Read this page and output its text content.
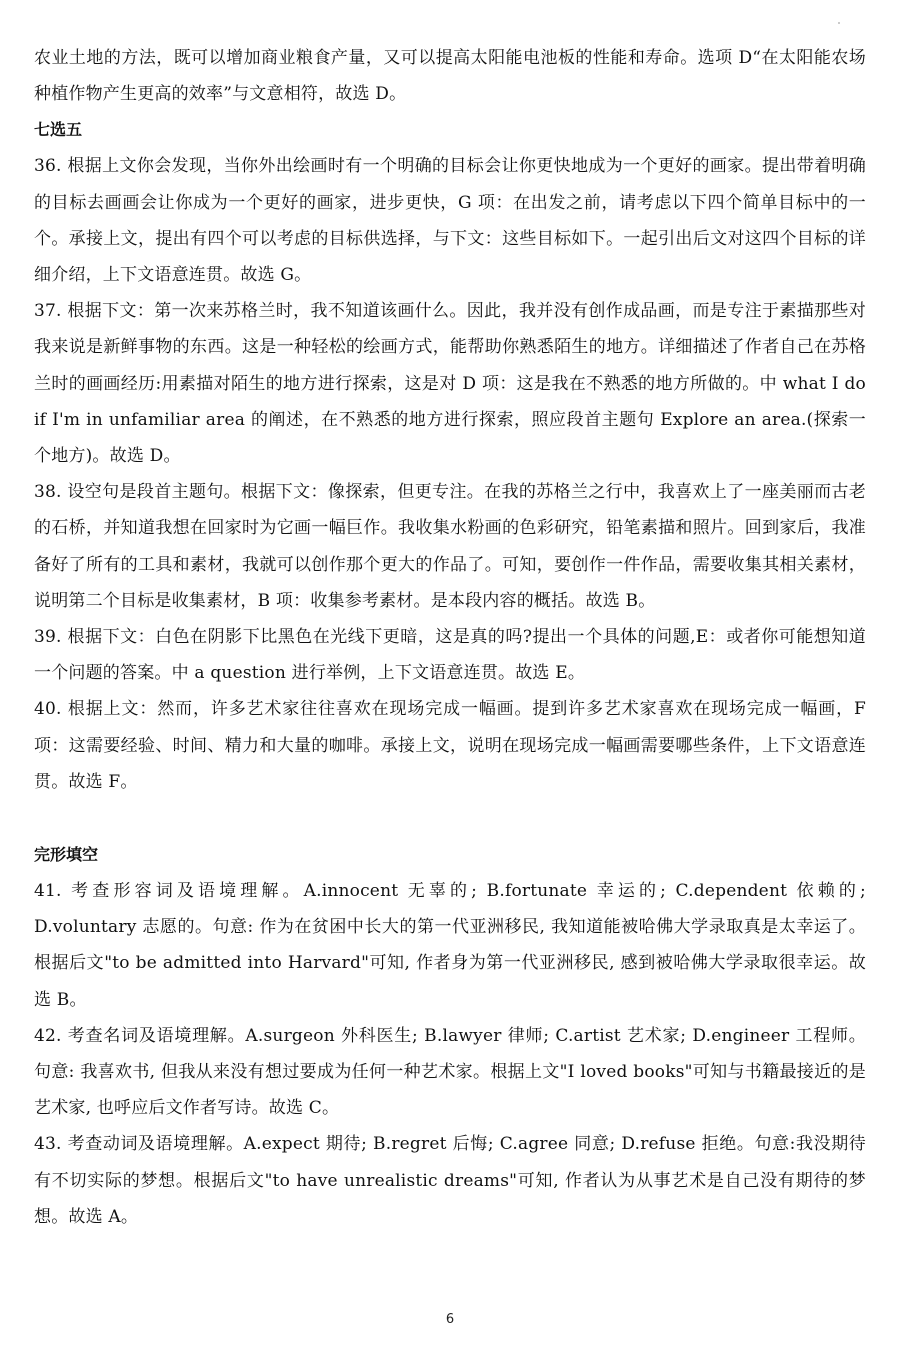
农业土地的方法，既可以增加商业粮食产量，又可以提高太阳能电池板的性能和寿命。选项 D“在太阳能农场种植作物产生更高的效率”与文意相符，故选 D。

七选五

36. 根据上文你会发现，当你外出绘画时有一个明确的目标会让你更快地成为一个更好的画家。提出带着明确的目标去画画会让你成为一个更好的画家，进步更快，G 项：在出发之前，请考虑以下四个简单目标中的一个。承接上文，提出有四个可以考虑的目标供选择，与下文：这些目标如下。一起引出后文对这四个目标的详细介绍，上下文语意连贯。故选 G。

37. 根据下文：第一次来苏格兰时，我不知道该画什么。因此，我并没有创作成品画，而是专注于素描那些对我来说是新鲜事物的东西。这是一种轻松的绘画方式，能帮助你熟悉陌生的地方。详细描述了作者自己在苏格兰时的画画经历:用素描对陌生的地方进行探索，这是对 D 项：这是我在不熟悉的地方所做的。中 what I do if I'm in unfamiliar area 的阐述，在不熟悉的地方进行探索，照应段首主题句 Explore an area.(探索一个地方)。故选 D。

38. 设空句是段首主题句。根据下文：像探索，但更专注。在我的苏格兰之行中，我喜欢上了一座美丽而古老的石桥，并知道我想在回家时为它画一幅巨作。我收集水粉画的色彩研究，铅笔素描和照片。回到家后，我准备好了所有的工具和素材，我就可以创作那个更大的作品了。可知，要创作一件作品，需要收集其相关素材，说明第二个目标是收集素材，B 项：收集参考素材。是本段内容的概括。故选 B。

39. 根据下文：白色在阴影下比黑色在光线下更暗，这是真的吗?提出一个具体的问题,E：或者你可能想知道一个问题的答案。中 a question 进行举例，上下文语意连贯。故选 E。

40. 根据上文：然而，许多艺术家往往喜欢在现场完成一幅画。提到许多艺术家喜欢在现场完成一幅画，F 项：这需要经验、时间、精力和大量的咖啡。承接上文，说明在现场完成一幅画需要哪些条件，上下文语意连贯。故选 F。

完形填空

41. 考查形容词及语境理解。A.innocent 无辜的; B.fortunate 幸运的; C.dependent 依赖的; D.voluntary 志愿的。句意: 作为在贫困中长大的第一代亚洲移民, 我知道能被哈佛大学录取真是太幸运了。根据后文"to be admitted into Harvard"可知, 作者身为第一代亚洲移民, 感到被哈佛大学录取很幸运。故选 B。

42. 考查名词及语境理解。A.surgeon 外科医生; B.lawyer 律师; C.artist 艺术家; D.engineer 工程师。句意: 我喜欢书, 但我从来没有想过要成为任何一种艺术家。根据上文"I loved books"可知与书籍最接近的是艺术家, 也呼应后文作者写诗。故选 C。

43. 考查动词及语境理解。A.expect 期待; B.regret 后悔; C.agree 同意; D.refuse 拒绝。句意:我没期待有不切实际的梦想。根据后文"to have unrealistic dreams"可知, 作者认为从事艺术是自己没有期待的梦想。故选 A。

6
